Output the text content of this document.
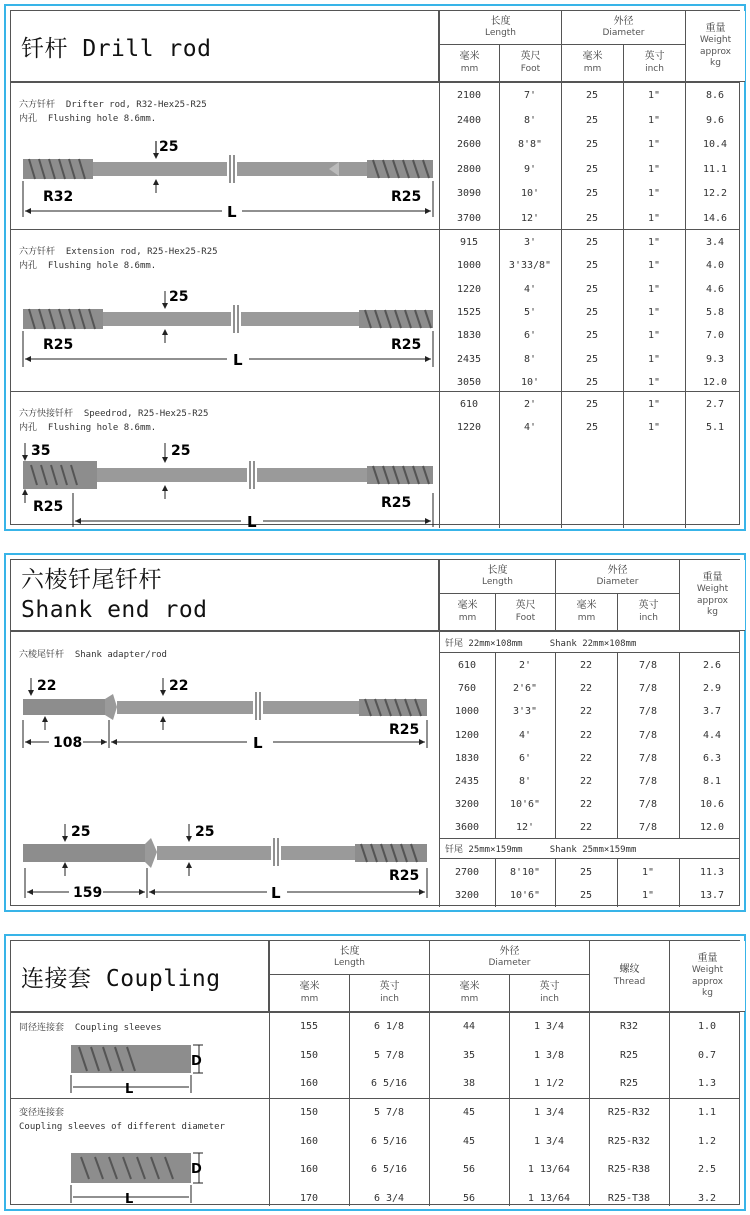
钎杆 Drill rod
长度
Length
外径
Diameter	重量
Weight
approx
kg
毫米
mm
英尺
Foot
毫米
mm
英寸
inch
六方钎杆  Drifter rod, R32-Hex25-R25
内孔  Flushing hole 8.6mm.
25
R32	R25
L
2100	7'	25	1"	8.6
2400	8'	25	1"	9.6
2600	8'8"	25	1"	10.4
2800	9'	25	1"	11.1
3090	10'	25	1"	12.2
3700	12'	25	1"	14.6
六方钎杆  Extension rod, R25-Hex25-R25
内孔  Flushing hole 8.6mm.
25
R25	R25
L
915	3'	25	1"	3.4
1000	3'33/8"	25	1"	4.0
1220	4'	25	1"	4.6
1525	5'	25	1"	5.8
1830	6'	25	1"	7.0
2435	8'	25	1"	9.3
3050	10'	25	1"	12.0
六方快接钎杆  Speedrod, R25-Hex25-R25
内孔  Flushing hole 8.6mm.
35	25
R25	R25
L
610	2'	25	1"	2.7
1220	4'	25	1"	5.1
六棱钎尾钎杆
Shank end rod
长度
Length
外径
Diameter	重量
Weight
approx
kg
毫米
mm
英尺
Foot
毫米
mm
英寸
inch
六棱尾钎杆  Shank adapter/rod
22	22
R25
108	L
25	25
R25
159	L
钎尾 22mm×108mm     Shank 22mm×108mm
钎尾 25mm×159mm     Shank 25mm×159mm
610	2'	22	7/8	2.6
760	2'6"	22	7/8	2.9
1000	3'3"	22	7/8	3.7
1200	4'	22	7/8	4.4
1830	6'	22	7/8	6.3
2435	8'	22	7/8	8.1
3200	10'6"	22	7/8	10.6
3600	12'	22	7/8	12.0
2700	8'10"	25	1"	11.3
3200	10'6"	25	1"	13.7
连接套 Coupling
长度
Length
外径
Diameter
螺纹
Thread
重量
Weight
approx
kg
毫米
mm
英寸
inch
毫米
mm
英寸
inch
同径连接套  Coupling sleeves
D
L
155	6 1/8	44	1 3/4	R32	1.0
150	5 7/8	35	1 3/8	R25	0.7
160	6 5/16	38	1 1/2	R25	1.3
变径连接套
Coupling sleeves of different diameter
D
L
150	5 7/8	45	1 3/4	R25-R32	1.1
160	6 5/16	45	1 3/4	R25-R32	1.2
160	6 5/16	56	1 13/64	R25-R38	2.5
170	6 3/4	56	1 13/64	R25-T38	3.2
